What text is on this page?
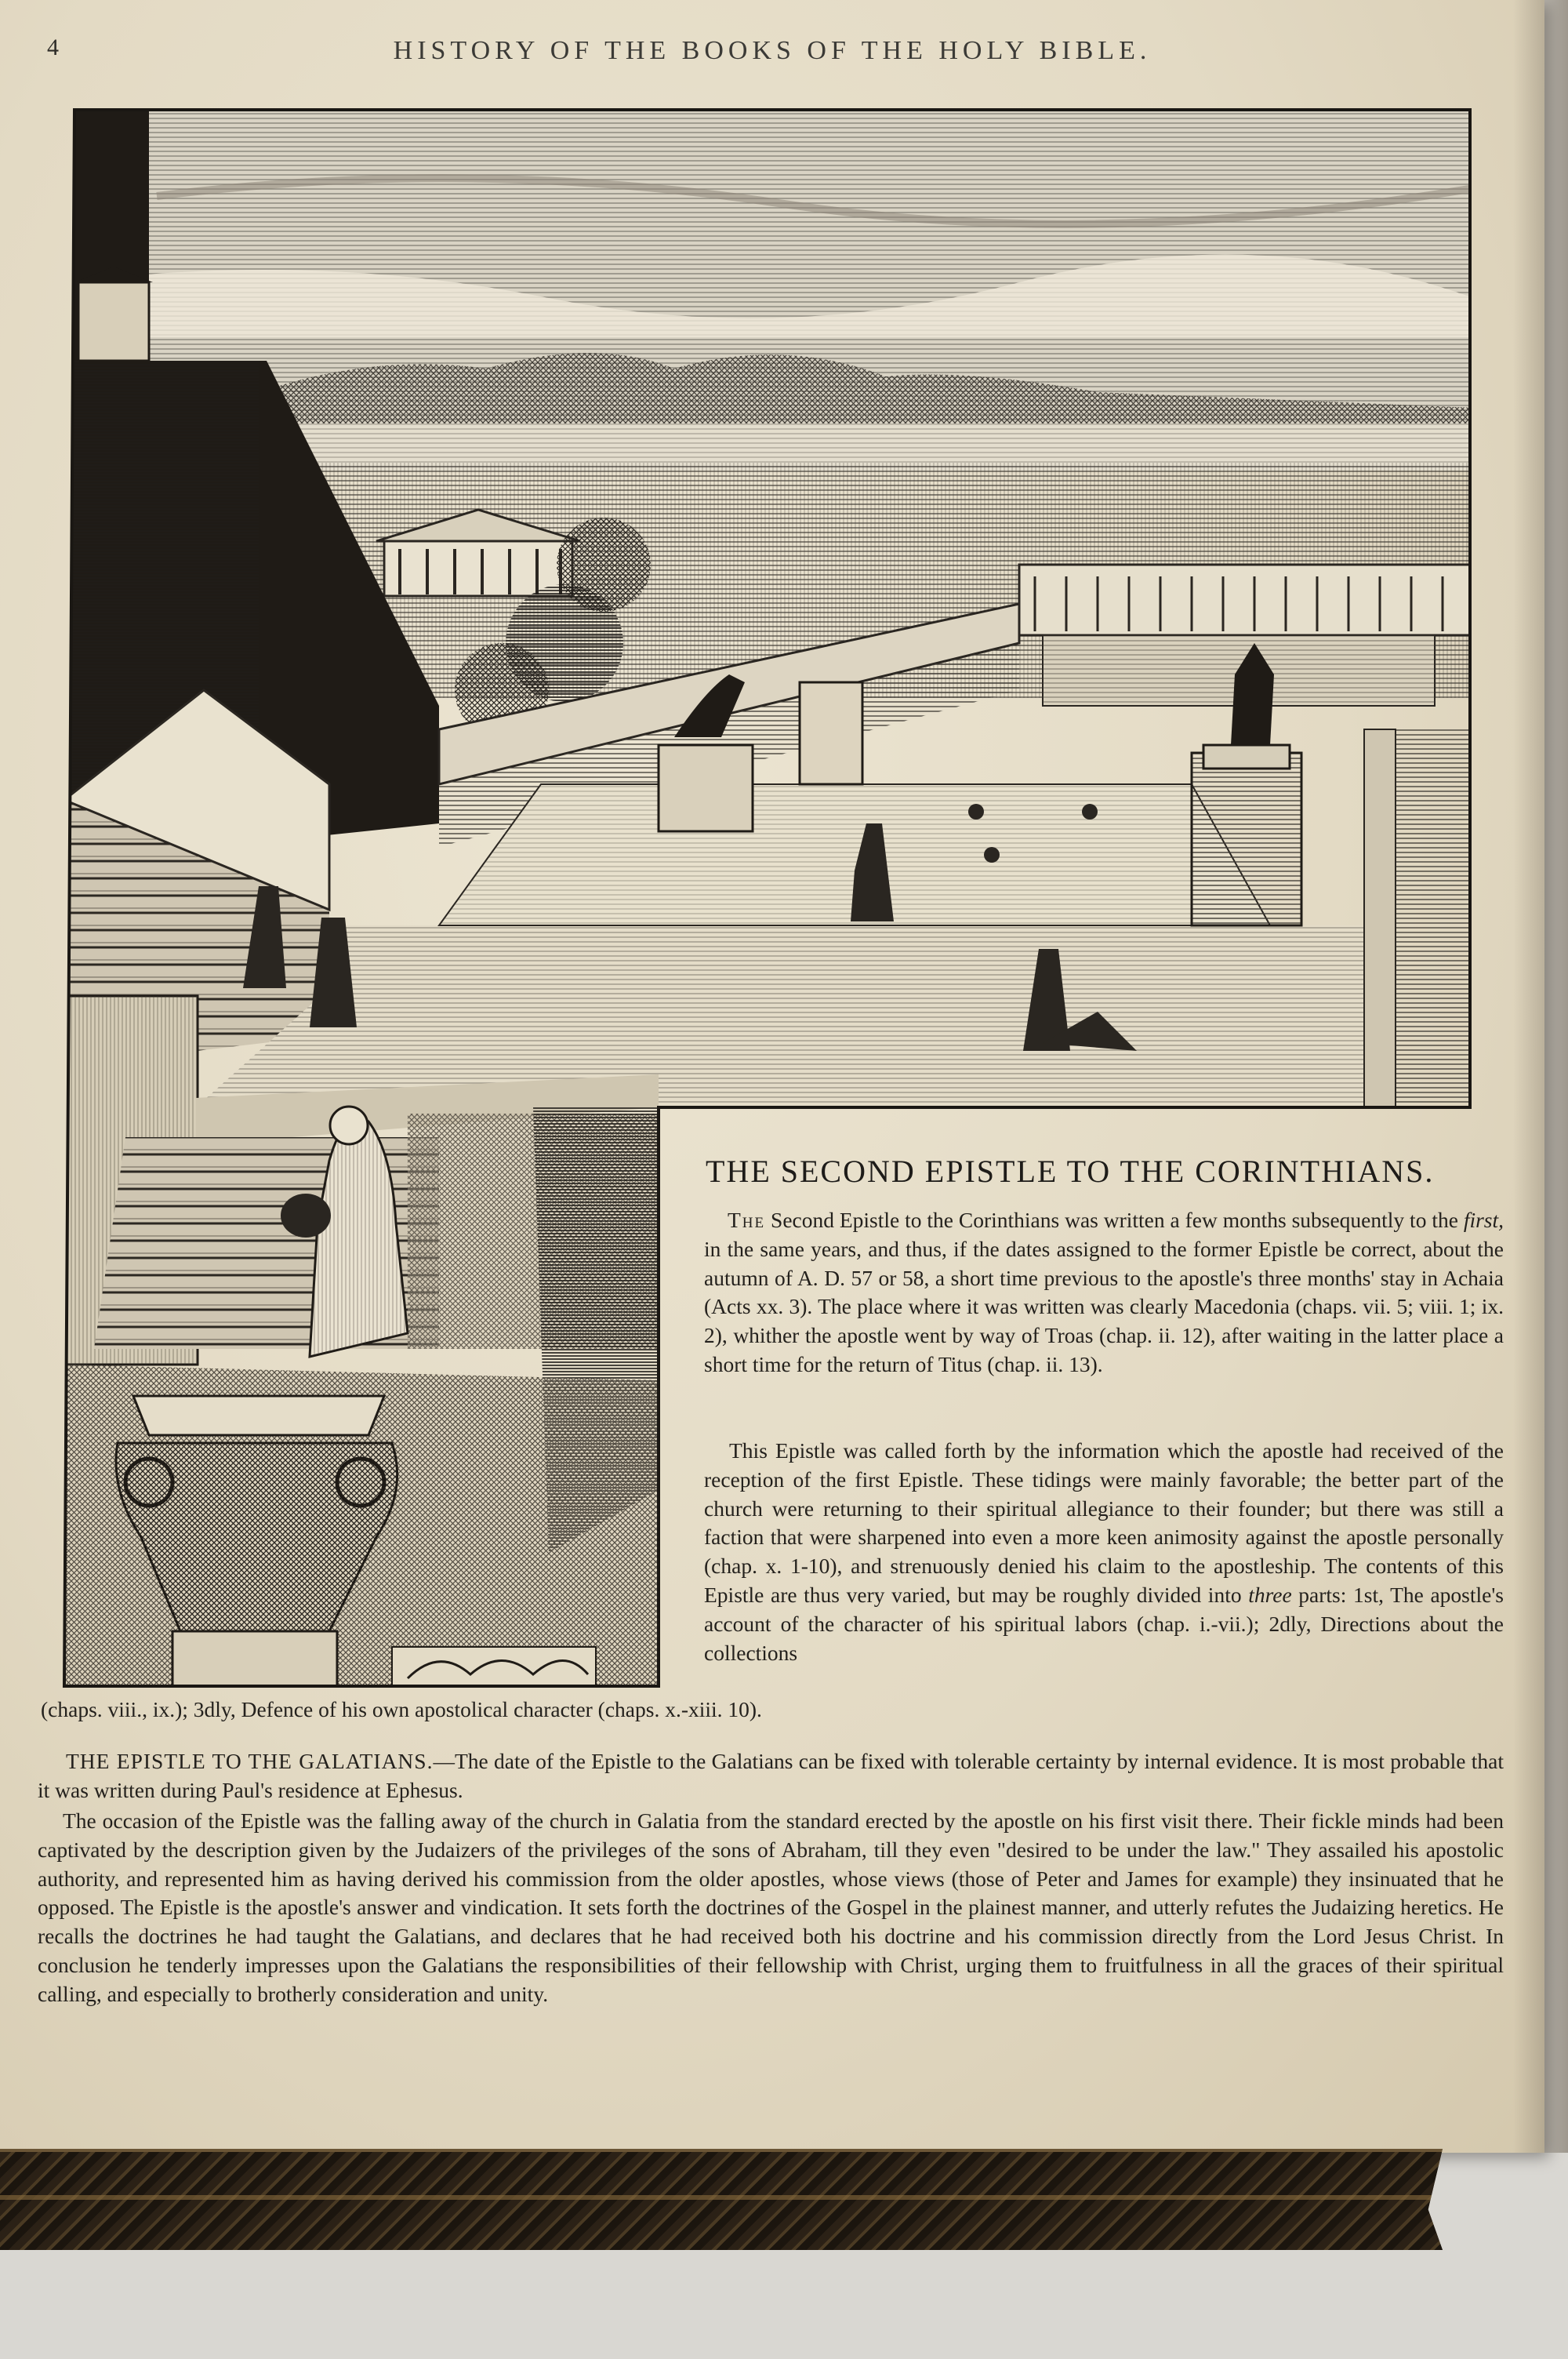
4	HISTORY OF THE BOOKS OF THE HOLY BIBLE.
THE SECOND EPISTLE TO THE CORINTHIANS.

The Second Epistle to the Corinthians was written a few months subsequently to the first, in the same years, and thus, if the dates assigned to the former Epistle be correct, about the autumn of A. D. 57 or 58, a short time previous to the apostle's three months' stay in Achaia (Acts xx. 3). The place where it was written was clearly Macedonia (chaps. vii. 5; viii. 1; ix. 2), whither the apostle went by way of Troas (chap. ii. 12), after waiting in the latter place a short time for the return of Titus (chap. ii. 13).

This Epistle was called forth by the information which the apostle had received of the reception of the first Epistle. These tidings were mainly favorable; the better part of the church were returning to their spiritual allegiance to their founder; but there was still a faction that were sharpened into even a more keen animosity against the apostle personally (chap. x. 1-10), and strenuously denied his claim to the apostleship. The contents of this Epistle are thus very varied, but may be roughly divided into three parts: 1st, The apostle's account of the character of his spiritual labors (chap. i.-vii.); 2dly, Directions about the collections

(chaps. viii., ix.); 3dly, Defence of his own apostolical character (chaps. x.-xiii. 10).

THE EPISTLE TO THE GALATIANS.—The date of the Epistle to the Galatians can be fixed with tolerable certainty by internal evidence. It is most probable that it was written during Paul's residence at Ephesus.

The occasion of the Epistle was the falling away of the church in Galatia from the standard erected by the apostle on his first visit there. Their fickle minds had been captivated by the description given by the Judaizers of the privileges of the sons of Abraham, till they even "desired to be under the law." They assailed his apostolic authority, and represented him as having derived his commission from the older apostles, whose views (those of Peter and James for example) they insinuated that he opposed. The Epistle is the apostle's answer and vindication. It sets forth the doctrines of the Gospel in the plainest manner, and utterly refutes the Judaizing heretics. He recalls the doctrines he had taught the Galatians, and declares that he had received both his doctrine and his commission directly from the Lord Jesus Christ. In conclusion he tenderly impresses upon the Galatians the responsibilities of their fellowship with Christ, urging them to fruitfulness in all the graces of their spiritual calling, and especially to brotherly consideration and unity.
